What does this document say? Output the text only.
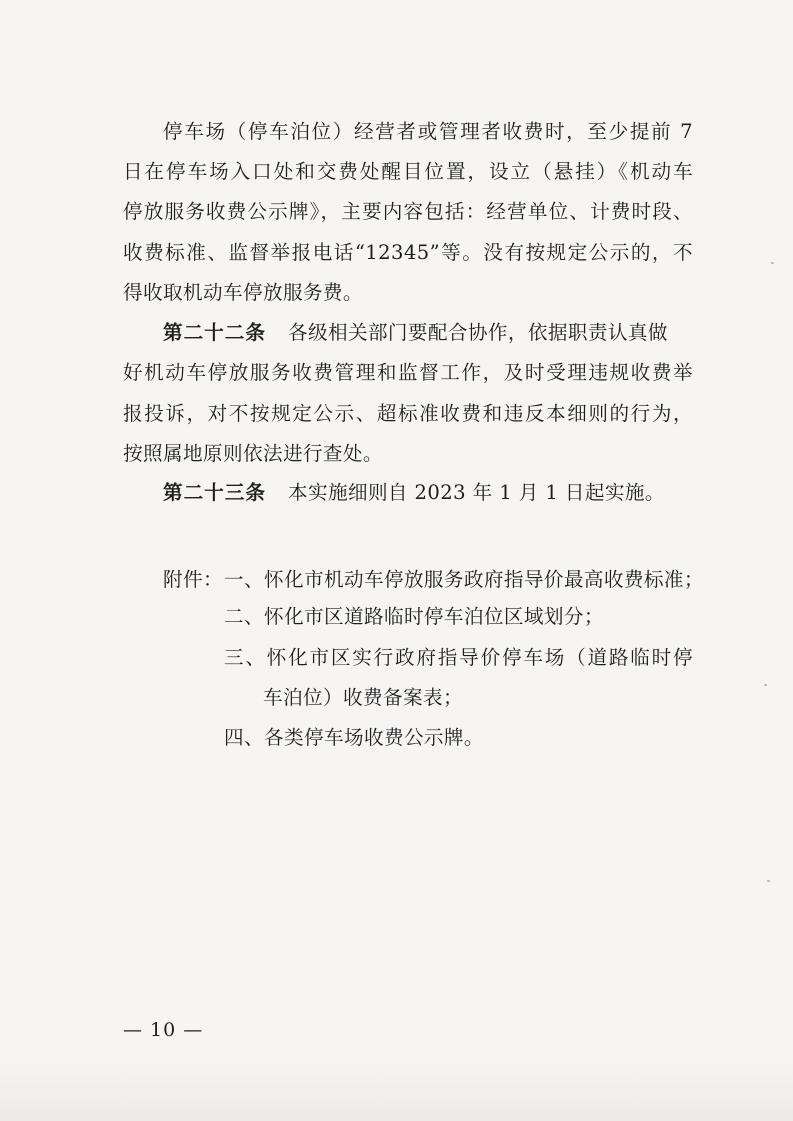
停车场（停车泊位）经营者或管理者收费时，至少提前 7
日在停车场入口处和交费处醒目位置，设立（悬挂）《机动车
停放服务收费公示牌》，主要内容包括：经营单位、计费时段、
收费标准、监督举报电话“12345”等。没有按规定公示的，不
得收取机动车停放服务费。
第二十二条 各级相关部门要配合协作，依据职责认真做
好机动车停放服务收费管理和监督工作，及时受理违规收费举
报投诉，对不按规定公示、超标准收费和违反本细则的行为，
按照属地原则依法进行查处。
第二十三条 本实施细则自 2023 年 1 月 1 日起实施。
附件： 一、怀化市机动车停放服务政府指导价最高收费标准；
二、怀化市区道路临时停车泊位区域划分；
三、怀化市区实行政府指导价停车场（道路临时停
车泊位）收费备案表；
四、各类停车场收费公示牌。
— 10 —
